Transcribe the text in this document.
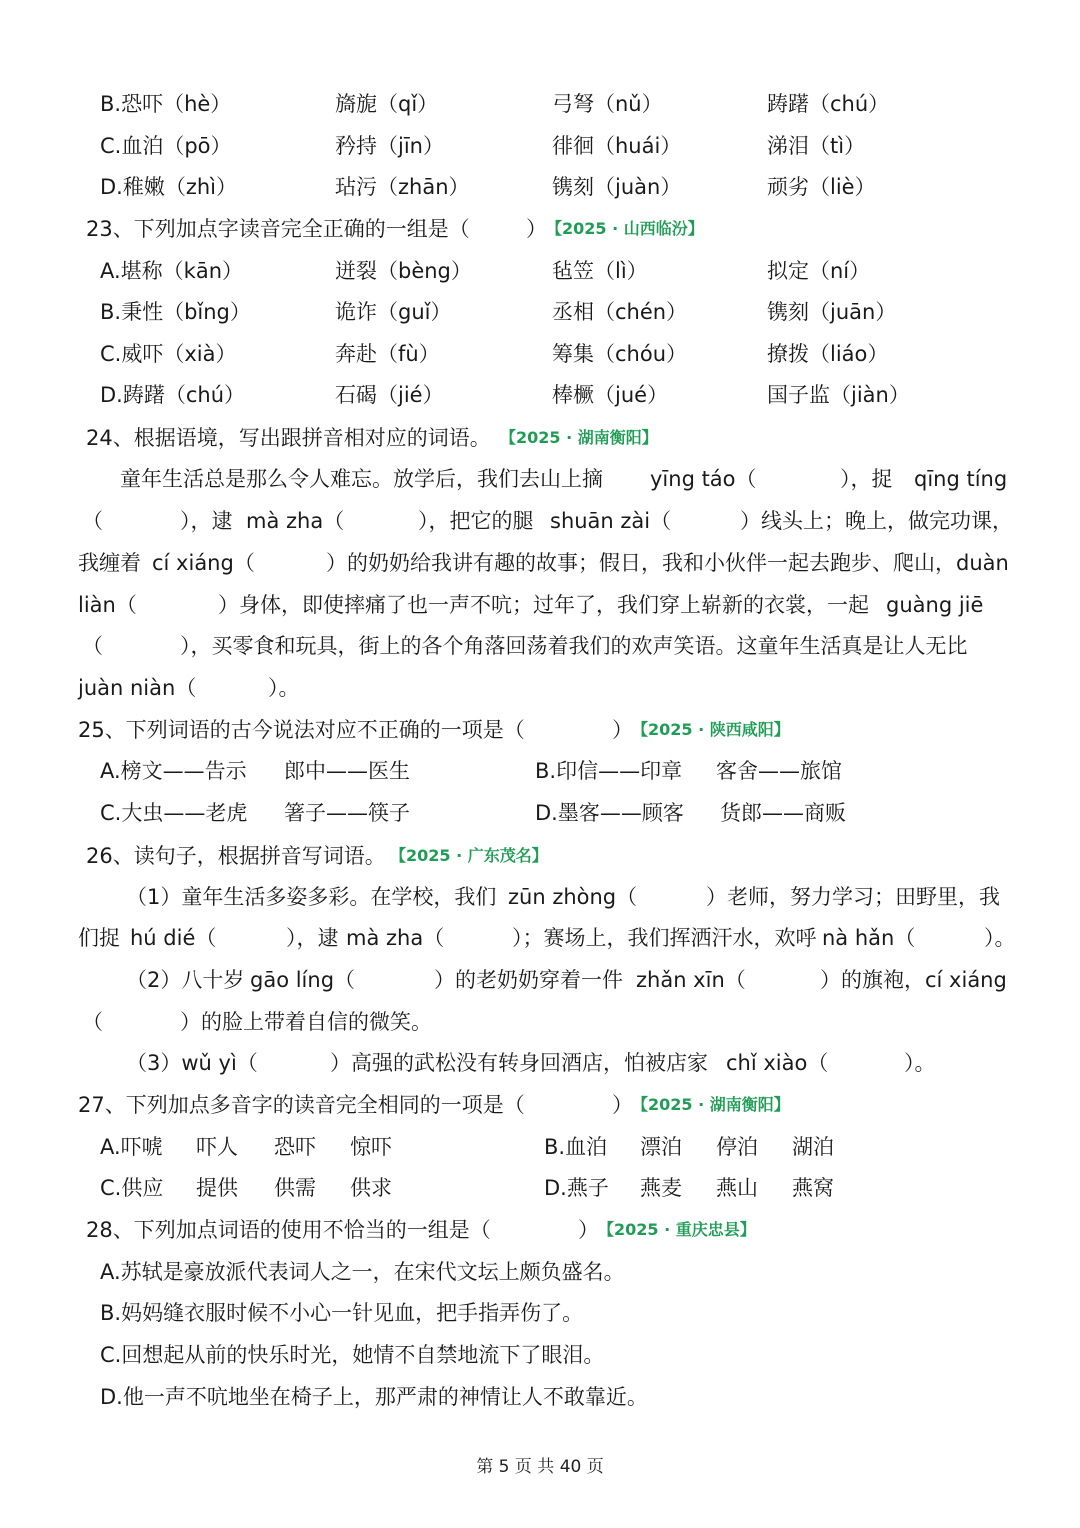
B.恐吓（hè）	旖旎（qǐ）	弓弩（nǔ）	踌躇（chú）
C.血泊（pō）	矜持（jīn）	徘徊（huái）	涕泪（tì）
D.稚嫩（zhì）	玷污（zhān）	镌刻（juàn）	顽劣（liè）
23、下列加点字读音完全正确的一组是（	） 【2025 · 山西临汾】
A.堪称（kān）	迸裂（bèng）	毡笠（lì）	拟定（ní）
B.秉性（bǐng）	诡诈（guǐ）	丞相（chén）	镌刻（juān）
C.威吓（xià）	奔赴（fù）	筹集（chóu）	撩拨（liáo）
D.踌躇（chú）	石碣（jié）	棒橛（jué）	国子监（jiàn）
24、根据语境，写出跟拼音相对应的词语。 【2025 · 湖南衡阳】
童年生活总是那么令人难忘。放学后，我们去山上摘 yīng táo（	），捉 qīng tíng
（	），逮 mà zha（	），把它的腿 shuān zài（	）线头上；晚上，做完功课，
我缠着 cí xiáng（	）的奶奶给我讲有趣的故事；假日，我和小伙伴一起去跑步、爬山，duàn
liàn（	）身体，即使摔痛了也一声不吭；过年了，我们穿上崭新的衣裳，一起 guàng jiē
（	），买零食和玩具，街上的各个角落回荡着我们的欢声笑语。这童年生活真是让人无比
juàn niàn（	）。
25、下列词语的古今说法对应不正确的一项是（	） 【2025 · 陕西咸阳】
A.榜文——告示 郎中——医生	B.印信——印章 客舍——旅馆
C.大虫——老虎 箸子——筷子	D.墨客——顾客 货郎——商贩
26、读句子，根据拼音写词语。 【2025 · 广东茂名】
（1）童年生活多姿多彩。在学校，我们 zūn zhòng（	）老师，努力学习；田野里，我
们捉 hú dié（	），逮 mà zha（	）；赛场上，我们挥洒汗水，欢呼 nà hǎn（	）。
（2）八十岁 gāo líng（	）的老奶奶穿着一件 zhǎn xīn（	）的旗袍，cí xiáng
（	）的脸上带着自信的微笑。
（3）wǔ yì（	）高强的武松没有转身回酒店，怕被店家 chǐ xiào（	）。
27、下列加点多音字的读音完全相同的一项是（	） 【2025 · 湖南衡阳】
A.吓唬 吓人 恐吓 惊吓	B.血泊 漂泊 停泊 湖泊
C.供应 提供 供需 供求	D.燕子 燕麦 燕山 燕窝
28、下列加点词语的使用不恰当的一组是（	） 【2025 · 重庆忠县】
A.苏轼是豪放派代表词人之一，在宋代文坛上颇负盛名。
B.妈妈缝衣服时候不小心一针见血，把手指弄伤了。
C.回想起从前的快乐时光，她情不自禁地流下了眼泪。
D.他一声不吭地坐在椅子上，那严肃的神情让人不敢靠近。
第 5 页 共 40 页
